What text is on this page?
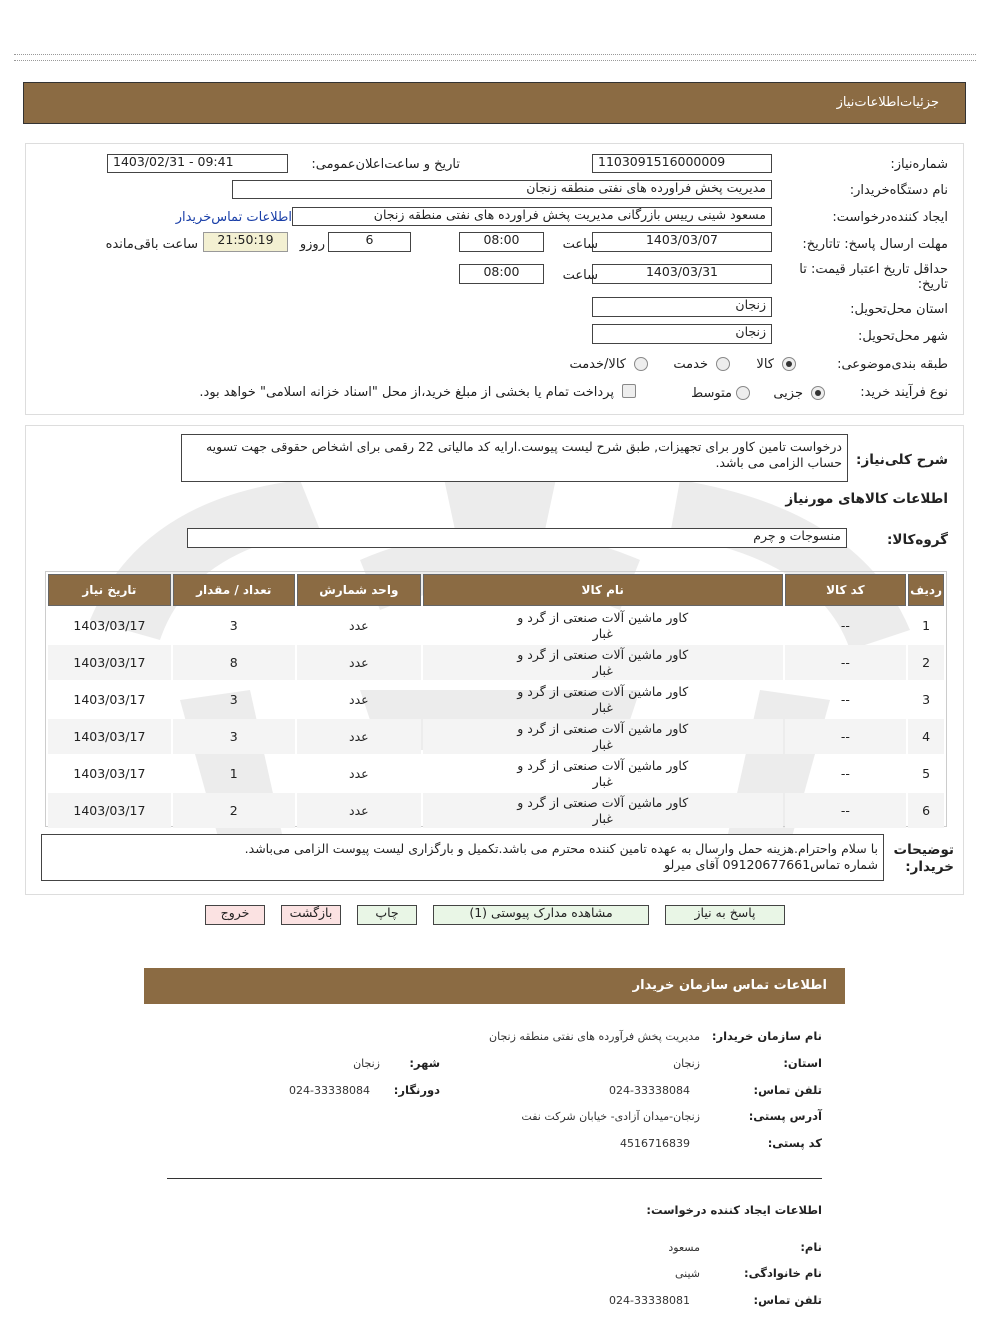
جزئیات‌اطلاعات‌نیاز
شماره‌نیاز:
1103091516000009
تاریخ و ساعت‌اعلان‌عمومی:
1403/02/31 - 09:41
نام دستگاه‌خریدار:
مدیریت پخش فراورده های نفتی منطقه زنجان
ایجاد کننده‌درخواست:
مسعود شینی رییس بازرگانی مدیریت پخش فراورده های نفتی منطقه زنجان
اطلاعات تماس‌خریدار
مهلت ارسال پاسخ: تاتاریخ:
1403/03/07
ساعت
08:00
6
روزو
21:50:19
ساعت باقی‌مانده
حداقل تاریخ اعتبار قیمت: تا تاریخ:
1403/03/31
ساعت
08:00
استان محل‌تحویل:
زنجان
شهر محل‌تحویل:
زنجان
طبقه بندی‌موضوعی:
کالا
خدمت
کالا/خدمت
نوع فرآیند خرید:
جزیی
متوسط
پرداخت تمام یا بخشی از مبلغ خرید،از محل "اسناد خزانه اسلامی" خواهد بود.
شرح کلی‌نیاز:
درخواست تامین کاور برای تجهیزات, طبق شرح لیست پیوست.ارایه کد مالیاتی 22 رقمی برای اشخاص حقوقی جهت تسویه حساب الزامی می باشد.
اطلاعات کالاهای مورنیاز
گروه‌کالا:
منسوجات و چرم
ردیف	کد کالا	نام کالا	واحد شمارش	تعداد / مقدار	تاریخ نیاز
1	--	کاور ماشین آلات صنعتی از گرد و غبار	عدد	3	1403/03/17
2	--	کاور ماشین آلات صنعتی از گرد و غبار	عدد	8	1403/03/17
3	--	کاور ماشین آلات صنعتی از گرد و غبار	عدد	3	1403/03/17
4	--	کاور ماشین آلات صنعتی از گرد و غبار	عدد	3	1403/03/17
5	--	کاور ماشین آلات صنعتی از گرد و غبار	عدد	1	1403/03/17
6	--	کاور ماشین آلات صنعتی از گرد و غبار	عدد	2	1403/03/17
توضیحات خریدار:
با سلام واحترام.هزینه حمل وارسال به عهده تامین کننده محترم می باشد.تکمیل و بارگزاری لیست پیوست الزامی می‌باشد.
شماره تماس09120677661 آقای میرلو
پاسخ به نیاز
مشاهده مدارک پیوستی (1)
چاپ
بازگشت
خروج
اطلاعات تماس سازمان خریدار
نام سازمان خریدار:
مدیریت پخش فرآورده های نفتی منطقه زنجان
استان:
زنجان
شهر:
زنجان
تلفن تماس:
024-33338084
دورنگار:
024-33338084
آدرس پستی:
زنجان-میدان آزادی- خیابان شرکت نفت
کد پستی:
4516716839
اطلاعات ایجاد کننده درخواست:
نام:
مسعود
نام خانوادگی:
شینی
تلفن تماس:
024-33338081
